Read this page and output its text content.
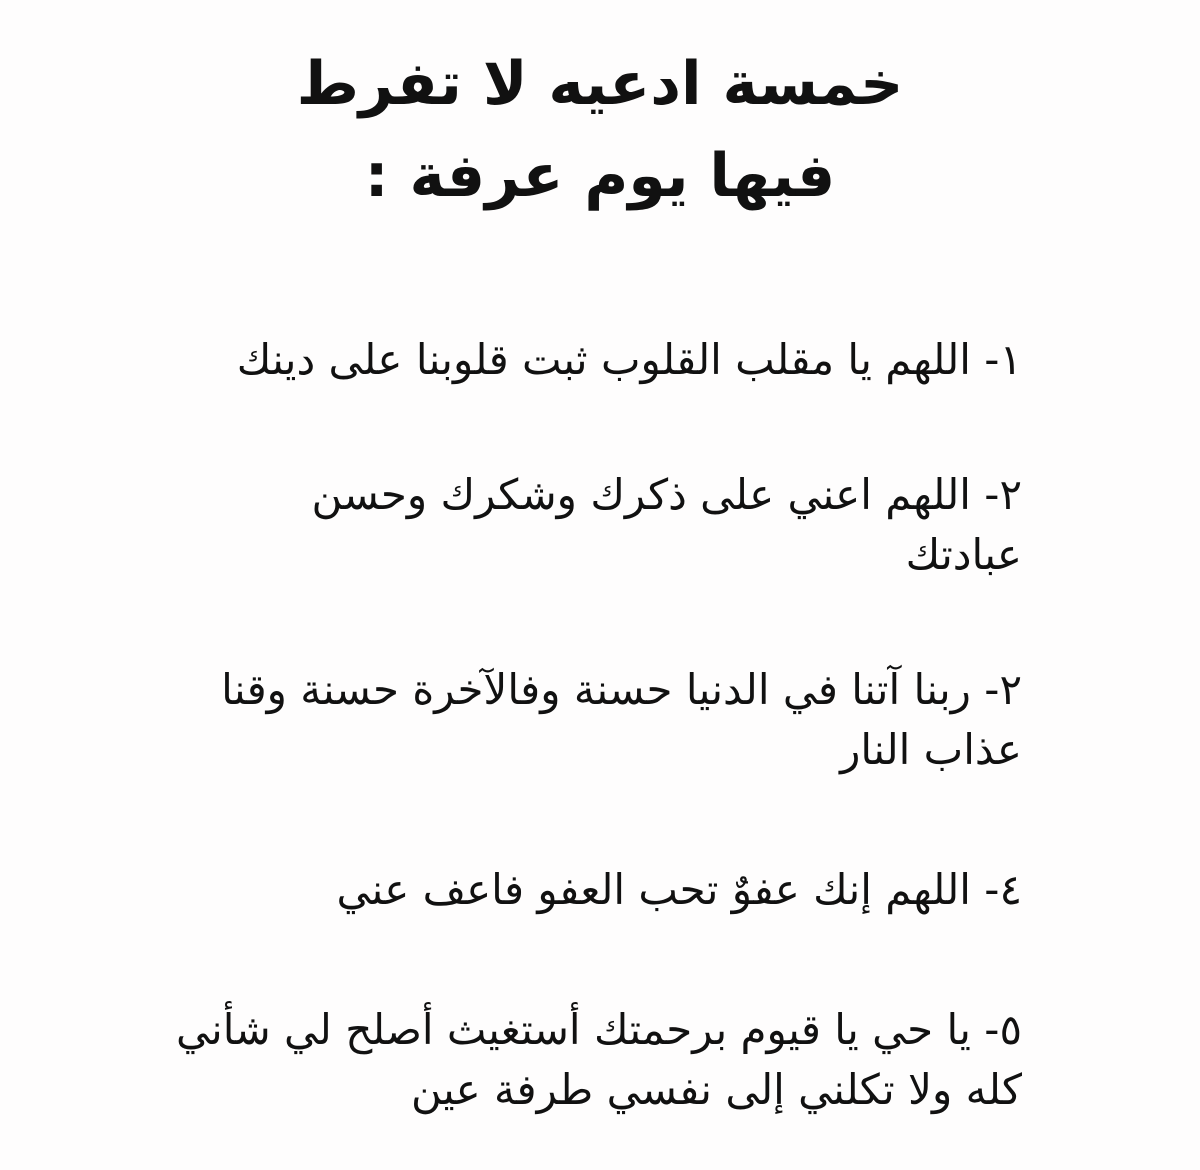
خمسة ادعيه لا تفرط
فيها يوم عرفة :
١- اللهم يا مقلب القلوب ثبت قلوبنا على دينك
٢- اللهم اعني على ذكرك وشكرك وحسن عبادتك
٢- ربنا آتنا في الدنيا حسنة وفالآخرة حسنة وقنا عذاب النار
٤- اللهم إنك عفوٌ تحب العفو فاعف عني
٥- يا حي يا قيوم برحمتك أستغيث أصلح لي شأني كله ولا تكلني إلى نفسي طرفة عين
